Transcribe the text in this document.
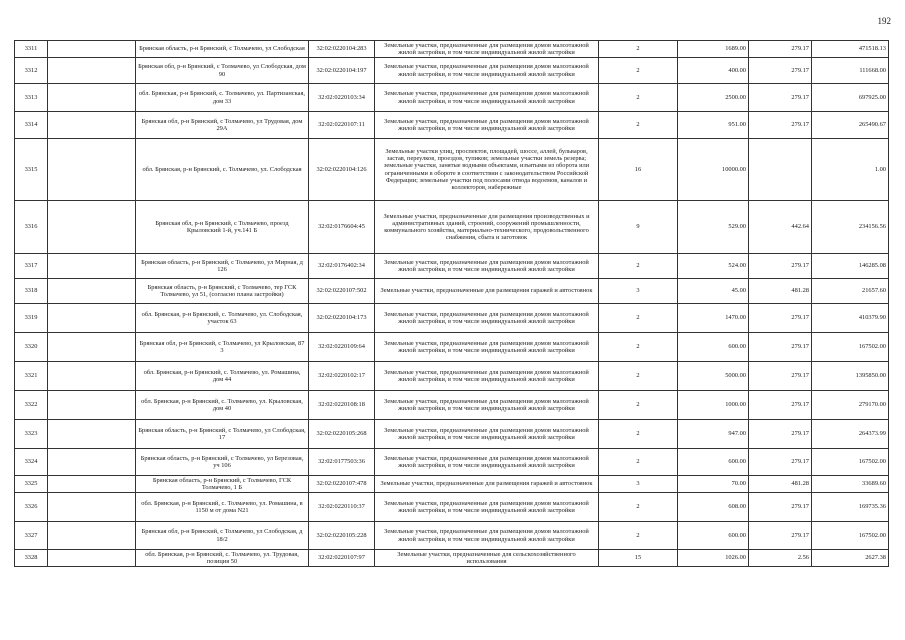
192
3311		Брянская область, р-н Брянский, с Толмачево, ул Слободская	32:02:0220104:283	Земельные участки, предназначенные для размещения домов малоэтажной жилой застройки, в том числе индивидуальной жилой застройки	2	1689.00	279.17	471518.13
3312		Брянская обл, р-н Брянский, с Толмачево, ул Слободская, дом 90	32:02:0220104:197	Земельные участки, предназначенные для размещения домов малоэтажной жилой застройки, в том числе индивидуальной жилой застройки	2	400.00	279.17	111668.00
3313		обл. Брянская, р-н Брянский, с. Толмачево, ул. Партизанская, дом 33	32:02:0220103:34	Земельные участки, предназначенные для размещения домов малоэтажной жилой застройки, в том числе индивидуальной жилой застройки	2	2500.00	279.17	697925.00
3314		Брянская обл, р-н Брянский, с Толмачево, ул Трудовая, дом 29А	32:02:0220107:11	Земельные участки, предназначенные для размещения домов малоэтажной жилой застройки, в том числе индивидуальной жилой застройки	2	951.00	279.17	265490.67
3315		обл. Брянская, р-н Брянский, с. Толмачево, ул. Слободская	32:02:0220104:126	Земельные участки улиц, проспектов, площадей, шоссе, аллей, бульваров, застав, переулков, проездов, тупиков; земельные участки земель резерва; земельные участки, занятые водными объектами, изъятыми из оборота или ограниченными в обороте в соответствии с законодательством Российской Федерации; земельные участки под полосами отвода водоемов, каналов и коллекторов, набережные	16	10000.00		1.00
3316		Брянская обл, р-н Брянский, с Толмачево, проезд Крыловский 1-й, уч.141 Б	32:02:0176604:45	Земельные участки, предназначенные для размещения производственных и административных зданий, строений, сооружений промышленности, коммунального хозяйства, материально-технического, продовольственного снабжения, сбыта и заготовок	9	529.00	442.64	234156.56
3317		Брянская область, р-н Брянский, с Толмачево, ул Мирная, д 126	32:02:0176402:34	Земельные участки, предназначенные для размещения домов малоэтажной жилой застройки, в том числе индивидуальной жилой застройки	2	524.00	279.17	146285.08
3318		Брянская область, р-н Брянский, с Толмачево, тер ГСК Толмачево, ул 51, (согласно плана застройки)	32:02:0220107:502	Земельные участки, предназначенные для размещения гаражей и автостоянок	3	45.00	481.28	21657.60
3319		обл. Брянская, р-н Брянский, с. Толмачево, ул. Слободская, участок 63	32:02:0220104:173	Земельные участки, предназначенные для размещения домов малоэтажной жилой застройки, в том числе индивидуальной жилой застройки	2	1470.00	279.17	410379.90
3320		Брянская обл, р-н Брянский, с Толмачево, ул Крыловская, 87 3	32:02:0220109:64	Земельные участки, предназначенные для размещения домов малоэтажной жилой застройки, в том числе индивидуальной жилой застройки	2	600.00	279.17	167502.00
3321		обл. Брянская, р-н Брянский, с. Толмачево, ул. Ромашина, дом 44	32:02:0220102:17	Земельные участки, предназначенные для размещения домов малоэтажной жилой застройки, в том числе индивидуальной жилой застройки	2	5000.00	279.17	1395850.00
3322		обл. Брянская, р-н Брянский, с. Толмачево, ул. Крыловская, дом 40	32:02:0220108:18	Земельные участки, предназначенные для размещения домов малоэтажной жилой застройки, в том числе индивидуальной жилой застройки	2	1000.00	279.17	279170.00
3323		Брянская область, р-н Брянский, с Толмачево, ул Слободская, 17	32:02:0220105:268	Земельные участки, предназначенные для размещения домов малоэтажной жилой застройки, в том числе индивидуальной жилой застройки	2	947.00	279.17	264373.99
3324		Брянская область, р-н Брянский, с Толмачево, ул Березовая, уч 106	32:02:0177503:36	Земельные участки, предназначенные для размещения домов малоэтажной жилой застройки, в том числе индивидуальной жилой застройки	2	600.00	279.17	167502.00
3325		Брянская область, р-н Брянский, с Толмачево, ГСК Толмачево, 1 Б	32:02:0220107:478	Земельные участки, предназначенные для размещения гаражей и автостоянок	3	70.00	481.28	33689.60
3326		обл. Брянская, р-н Брянский, с. Толмачево, ул. Ромашина, в 1150 м от дома N21	32:02:0220110:37	Земельные участки, предназначенные для размещения домов малоэтажной жилой застройки, в том числе индивидуальной жилой застройки	2	608.00	279.17	169735.36
3327		Брянская обл, р-н Брянский, с Толмачево, ул Слободская, д 18/2	32:02:0220105:228	Земельные участки, предназначенные для размещения домов малоэтажной жилой застройки, в том числе индивидуальной жилой застройки	2	600.00	279.17	167502.00
3328		обл. Брянская, р-н Брянский, с. Толмачево, ул. Трудовая, позиция 50	32:02:0220107:97	Земельные участки, предназначенные для сельскохозяйственного использования	15	1026.00	2.56	2627.38
